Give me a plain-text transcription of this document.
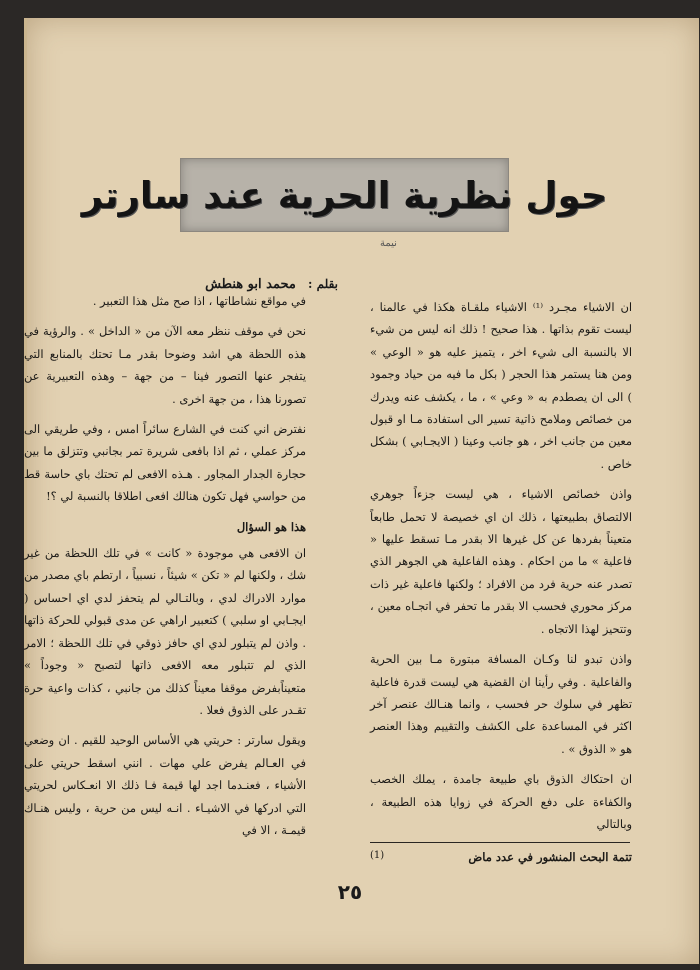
حول نظرية الحرية عند سارتر
نيمة
بقلم : محمد ابو هنطش

ان الاشياء مجـرد ⁽¹⁾ الاشياء ملقـاة هكذا في عالمنا ، ليست تقوم بذاتها . هذا صحيح ! ذلك انه ليس من شيء الا بالنسبة الى شيء اخر ، يتميز عليه هو « الوعي » ومن هنا يستمر هذا الحجر ( بكل ما فيه من حياد وجمود ) الى ان يصطدم به « وعي » ، ما ، يكشف عنه ويدرك من خصائص وملامح ذاتية تسير الى استفادة مـا او قبول معين من جانب اخر ، هو جانب وعينا ( الايجـابي ) بشكل خاص .

واذن خصائص الاشياء ، هي ليست جزءاً جوهري الالتصاق بطبيعتها ، ذلك ان اي خصيصة لا تحمل طابعاً متعيناً بفردها عن كل غيرها الا بقدر مـا تسقط عليها « فاعلية » ما من احكام . وهذه الفاعلية هي الجوهر الذي تصدر عنه حرية فرد من الافراد ؛ ولكنها فاعلية غير ذات مركز محوري فحسب الا بقدر ما تحفر في اتجـاه معين ، وتتحيز لهذا الاتجاه .

واذن تبدو لنا وكـان المسافة مبتورة مـا بين الحرية والفاعلية . وفي رأينا ان القضية هي ليست قدرة فاعلية تظهر في سلوك حر فحسب ، وانما هنـالك عنصر آخر اكثر في المساعدة على الكشف والتقييم وهذا العنصر هو « الذوق » .

ان احتكاك الذوق باي طبيعة جامدة ، يملك الخصب والكفاءة على دفع الحركة في زوايا هذه الطبيعة ، وبالتالي

في مواقع نشاطاتها ، اذا صح مثل هذا التعبير .

نحن في موقف ننظر معه الآن من « الداخل » . والرؤية في هذه اللحظة هي اشد وضوحا بقدر مـا تحتك بالمنابع التي يتفجر عنها التصور فينا – من جهة – وهذه التعبيرية عن تصورنا هذا ، من جهة اخرى .

نفترض اني كنت في الشارع سائراً امس ، وفي طريقي الى مركز عملي ، ثم اذا بافعى شريرة تمر بجانبي وتتزلق ما بين حجارة الجدار المجاور . هـذه الافعى لم تحتك باي حاسة قط من حواسي فهل تكون هنالك افعى اطلاقا بالنسبة لي ؟!

هذا هو السؤال

ان الافعى هي موجودة « كانت » في تلك اللحظة من غير شك ، ولكنها لم « تكن » شيئاً ، نسبياً ، ارتطم باي مصدر من موارد الادراك لدي ، وبالتـالي لم يتحفز لدي اي احساس ( ايجـابي او سلبي ) كتعبير اراهي عن مدى قبولي للحركة ذاتها . واذن لم يتبلور لدي اي حافز ذوقي في تلك اللحظة ؛ الامر الذي لم تتبلور معه الافعى ذاتها لتصبح « وجوداً » متعيناًبفرض موقفا معيناً كذلك من جانبي ، كذات واعية حرة تقـدر على الذوق فعلا .

ويقول سارتر : حريتي هي الأساس الوحيد للقيم . ان وضعي في العـالم يفرض علي مهات . انني اسقط حريتي على الأشياء ، فعنـدما اجد لها قيمة فـا ذلك الا انعـكاس لحريتي التي ادركها في الاشيـاء . انـه ليس من حرية ، وليس هنـاك قيمـة ، الا في

تتمة البحث المنشور في عدد ماض
(1)
٢٥
